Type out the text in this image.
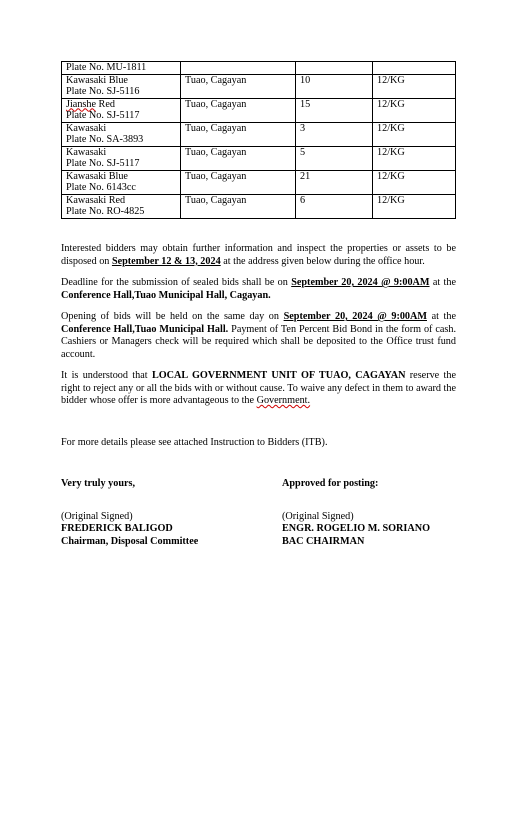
Plate No. MU-1811			

Kawasaki Blue
Plate No. SJ-5116	Tuao, Cagayan	10	12/KG

Jianshe Red
Plate No. SJ-5117	Tuao, Cagayan	15	12/KG

Kawasaki
Plate No. SA-3893	Tuao, Cagayan	3	12/KG

Kawasaki
Plate No. SJ-5117	Tuao, Cagayan	5	12/KG

Kawasaki Blue
Plate No. 6143cc	Tuao, Cagayan	21	12/KG

Kawasaki Red
Plate No. RO-4825	Tuao, Cagayan	6	12/KG

Interested bidders may obtain further information and inspect the properties or assets to be disposed on September 12 & 13, 2024 at the address given below during the office hour.

Deadline for the submission of sealed bids shall be on September 20, 2024 @ 9:00AM at the Conference Hall,Tuao Municipal Hall, Cagayan.

Opening of bids will be held on the same day on September 20, 2024 @ 9:00AM at the Conference Hall,Tuao Municipal Hall. Payment of Ten Percent Bid Bond in the form of cash. Cashiers or Managers check will be required which shall be deposited to the Office trust fund account.

It is understood that LOCAL GOVERNMENT UNIT OF TUAO, CAGAYAN reserve the right to reject any or all the bids with or without cause. To waive any defect in them to award the bidder whose offer is more advantageous to the Government.

For more details please see attached Instruction to Bidders (ITB).

Very truly yours,
(Original Signed)
FREDERICK BALIGOD
Chairman, Disposal Committee
Approved for posting:
(Original Signed)
ENGR. ROGELIO M. SORIANO
BAC CHAIRMAN
